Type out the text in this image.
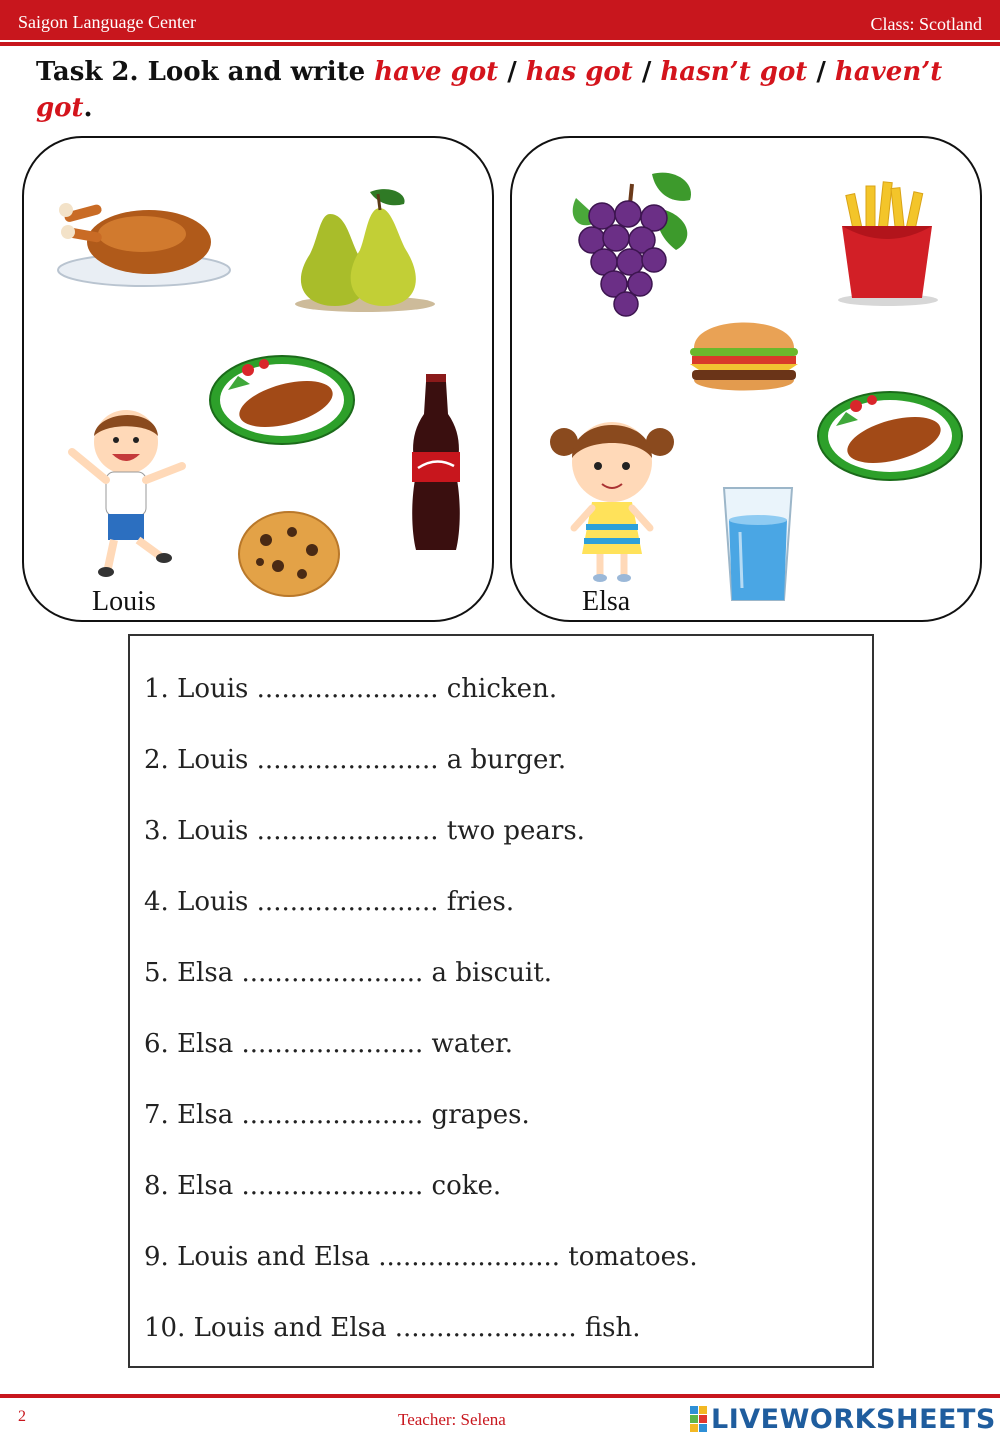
Saigon Language Center	Class: Scotland
Task 2. Look and write have got / has got / hasn’t got / haven’t got.
Louis	Elsa
1. Louis ...................... chicken.
2. Louis ...................... a burger.
3. Louis ...................... two pears.
4. Louis ...................... fries.
5. Elsa ...................... a biscuit.
6. Elsa ...................... water.
7. Elsa ...................... grapes.
8. Elsa ...................... coke.
9. Louis and Elsa ...................... tomatoes.
10. Louis and Elsa ...................... fish.
2	Teacher: Selena	LIVEWORKSHEETS
